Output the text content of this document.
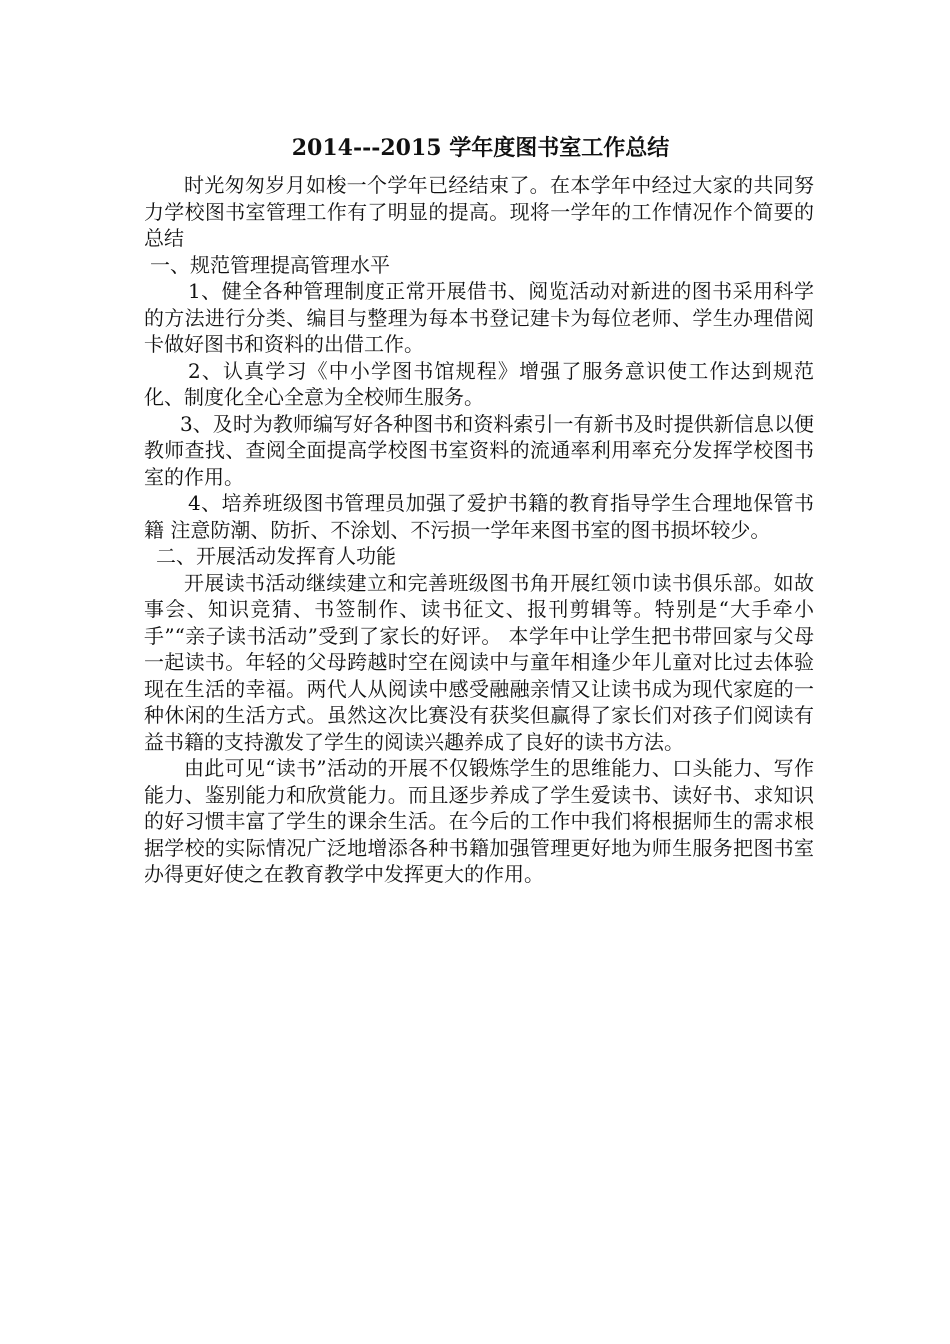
2014---2015 学年度图书室工作总结

时光匆匆岁月如梭一个学年已经结束了。在本学年中经过大家的共同努力学校图书室管理工作有了明显的提高。现将一学年的工作情况作个简要的总结

一、规范管理提高管理水平

1、健全各种管理制度正常开展借书、阅览活动对新进的图书采用科学的方法进行分类、编目与整理为每本书登记建卡为每位老师、学生办理借阅卡做好图书和资料的出借工作。

2、认真学习《中小学图书馆规程》增强了服务意识使工作达到规范化、制度化全心全意为全校师生服务。

3、及时为教师编写好各种图书和资料索引一有新书及时提供新信息以便教师查找、查阅全面提高学校图书室资料的流通率利用率充分发挥学校图书室的作用。

4、培养班级图书管理员加强了爱护书籍的教育指导学生合理地保管书籍 注意防潮、防折、不涂划、不污损一学年来图书室的图书损坏较少。

二、开展活动发挥育人功能

开展读书活动继续建立和完善班级图书角开展红领巾读书俱乐部。如故事会、知识竞猜、书签制作、读书征文、报刊剪辑等。特别是“大手牵小手”“亲子读书活动”受到了家长的好评。 本学年中让学生把书带回家与父母一起读书。年轻的父母跨越时空在阅读中与童年相逢少年儿童对比过去体验现在生活的幸福。两代人从阅读中感受融融亲情又让读书成为现代家庭的一种休闲的生活方式。虽然这次比赛没有获奖但赢得了家长们对孩子们阅读有益书籍的支持激发了学生的阅读兴趣养成了良好的读书方法。

由此可见“读书”活动的开展不仅锻炼学生的思维能力、口头能力、写作能力、鉴别能力和欣赏能力。而且逐步养成了学生爱读书、读好书、求知识的好习惯丰富了学生的课余生活。在今后的工作中我们将根据师生的需求根据学校的实际情况广泛地增添各种书籍加强管理更好地为师生服务把图书室办得更好使之在教育教学中发挥更大的作用。
